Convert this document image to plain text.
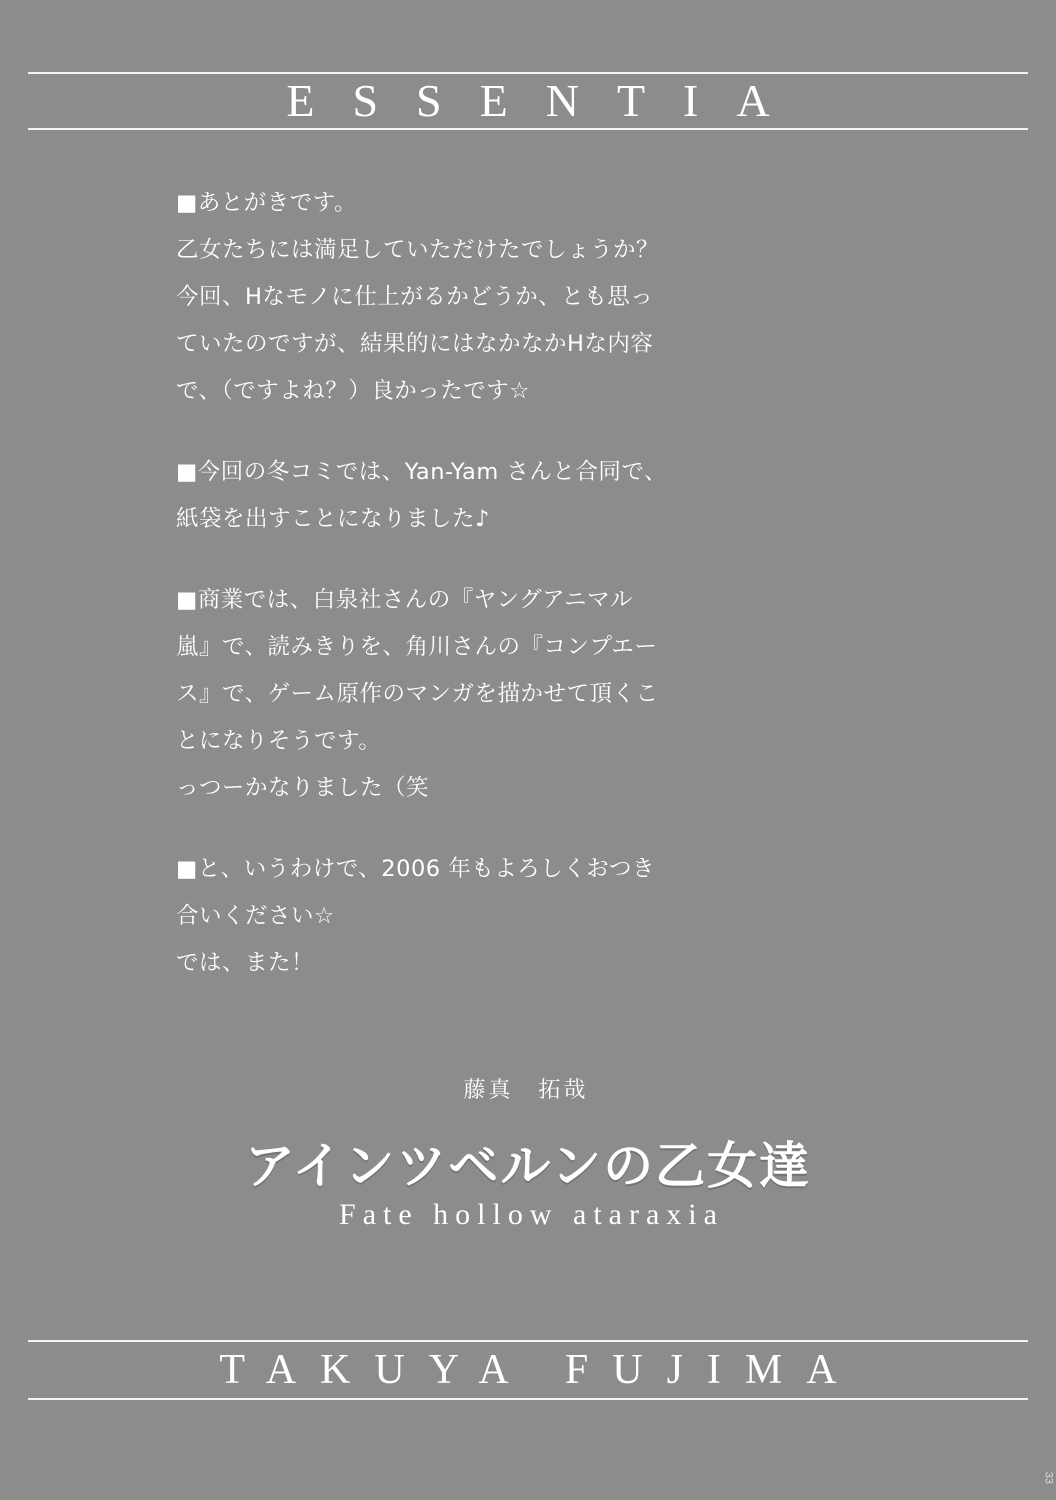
ESSENTIA
■あとがきです。
乙女たちには満足していただけたでしょうか？
今回、Hなモノに仕上がるかどうか、とも思っ
ていたのですが、結果的にはなかなかHな内容
で、（ですよね？）良かったです☆
■今回の冬コミでは、Yan-Yam さんと合同で、
紙袋を出すことになりました♪
■商業では、白泉社さんの『ヤングアニマル
嵐』で、読みきりを、角川さんの『コンプエー
ス』で、ゲーム原作のマンガを描かせて頂くこ
とになりそうです。
っつーかなりました（笑
■と、いうわけで、2006 年もよろしくおつき
合いください☆
では、また！
藤真　拓哉
アインツベルンの乙女達
Fate hollow ataraxia
TAKUYA FUJIMA
33
